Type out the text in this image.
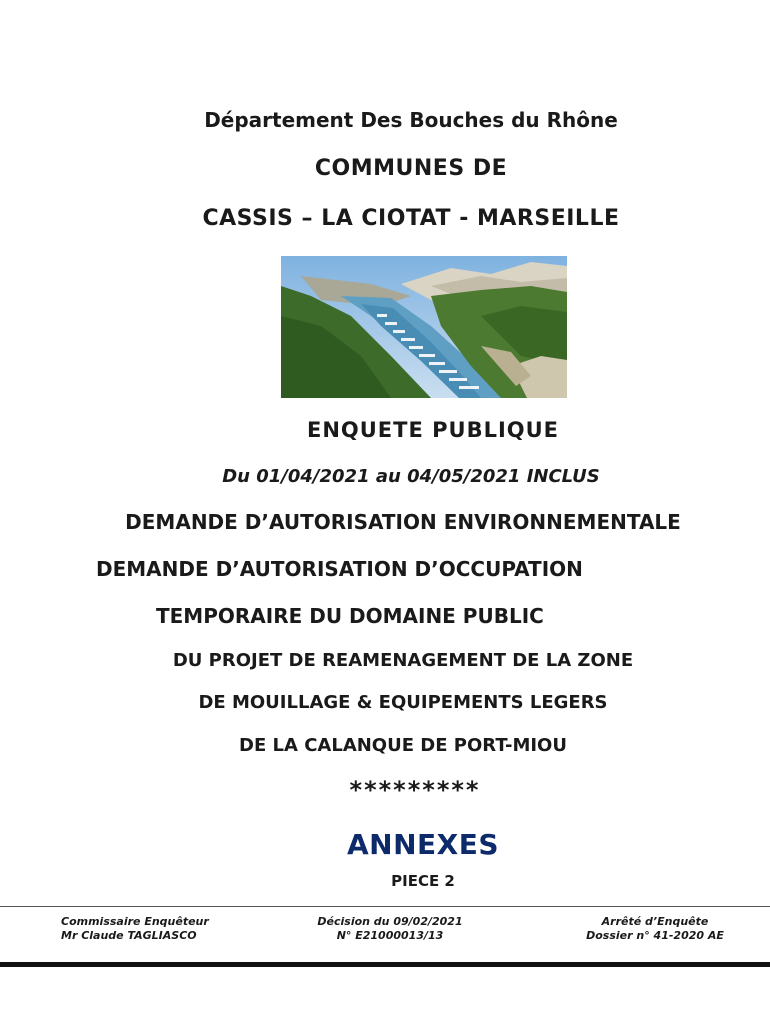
Département Des Bouches du Rhône
COMMUNES DE
CASSIS – LA CIOTAT - MARSEILLE
ENQUETE PUBLIQUE
Du 01/04/2021 au 04/05/2021 INCLUS
DEMANDE D’AUTORISATION ENVIRONNEMENTALE
DEMANDE D’AUTORISATION D’OCCUPATION
TEMPORAIRE DU DOMAINE PUBLIC
DU PROJET DE REAMENAGEMENT DE LA ZONE
DE MOUILLAGE & EQUIPEMENTS LEGERS
DE LA CALANQUE DE PORT-MIOU
*********
ANNEXES
PIECE 2
Commissaire Enquêteur
Mr Claude TAGLIASCO
Décision du 09/02/2021
N° E21000013/13
Arrêté d’Enquête
Dossier n° 41-2020 AE
